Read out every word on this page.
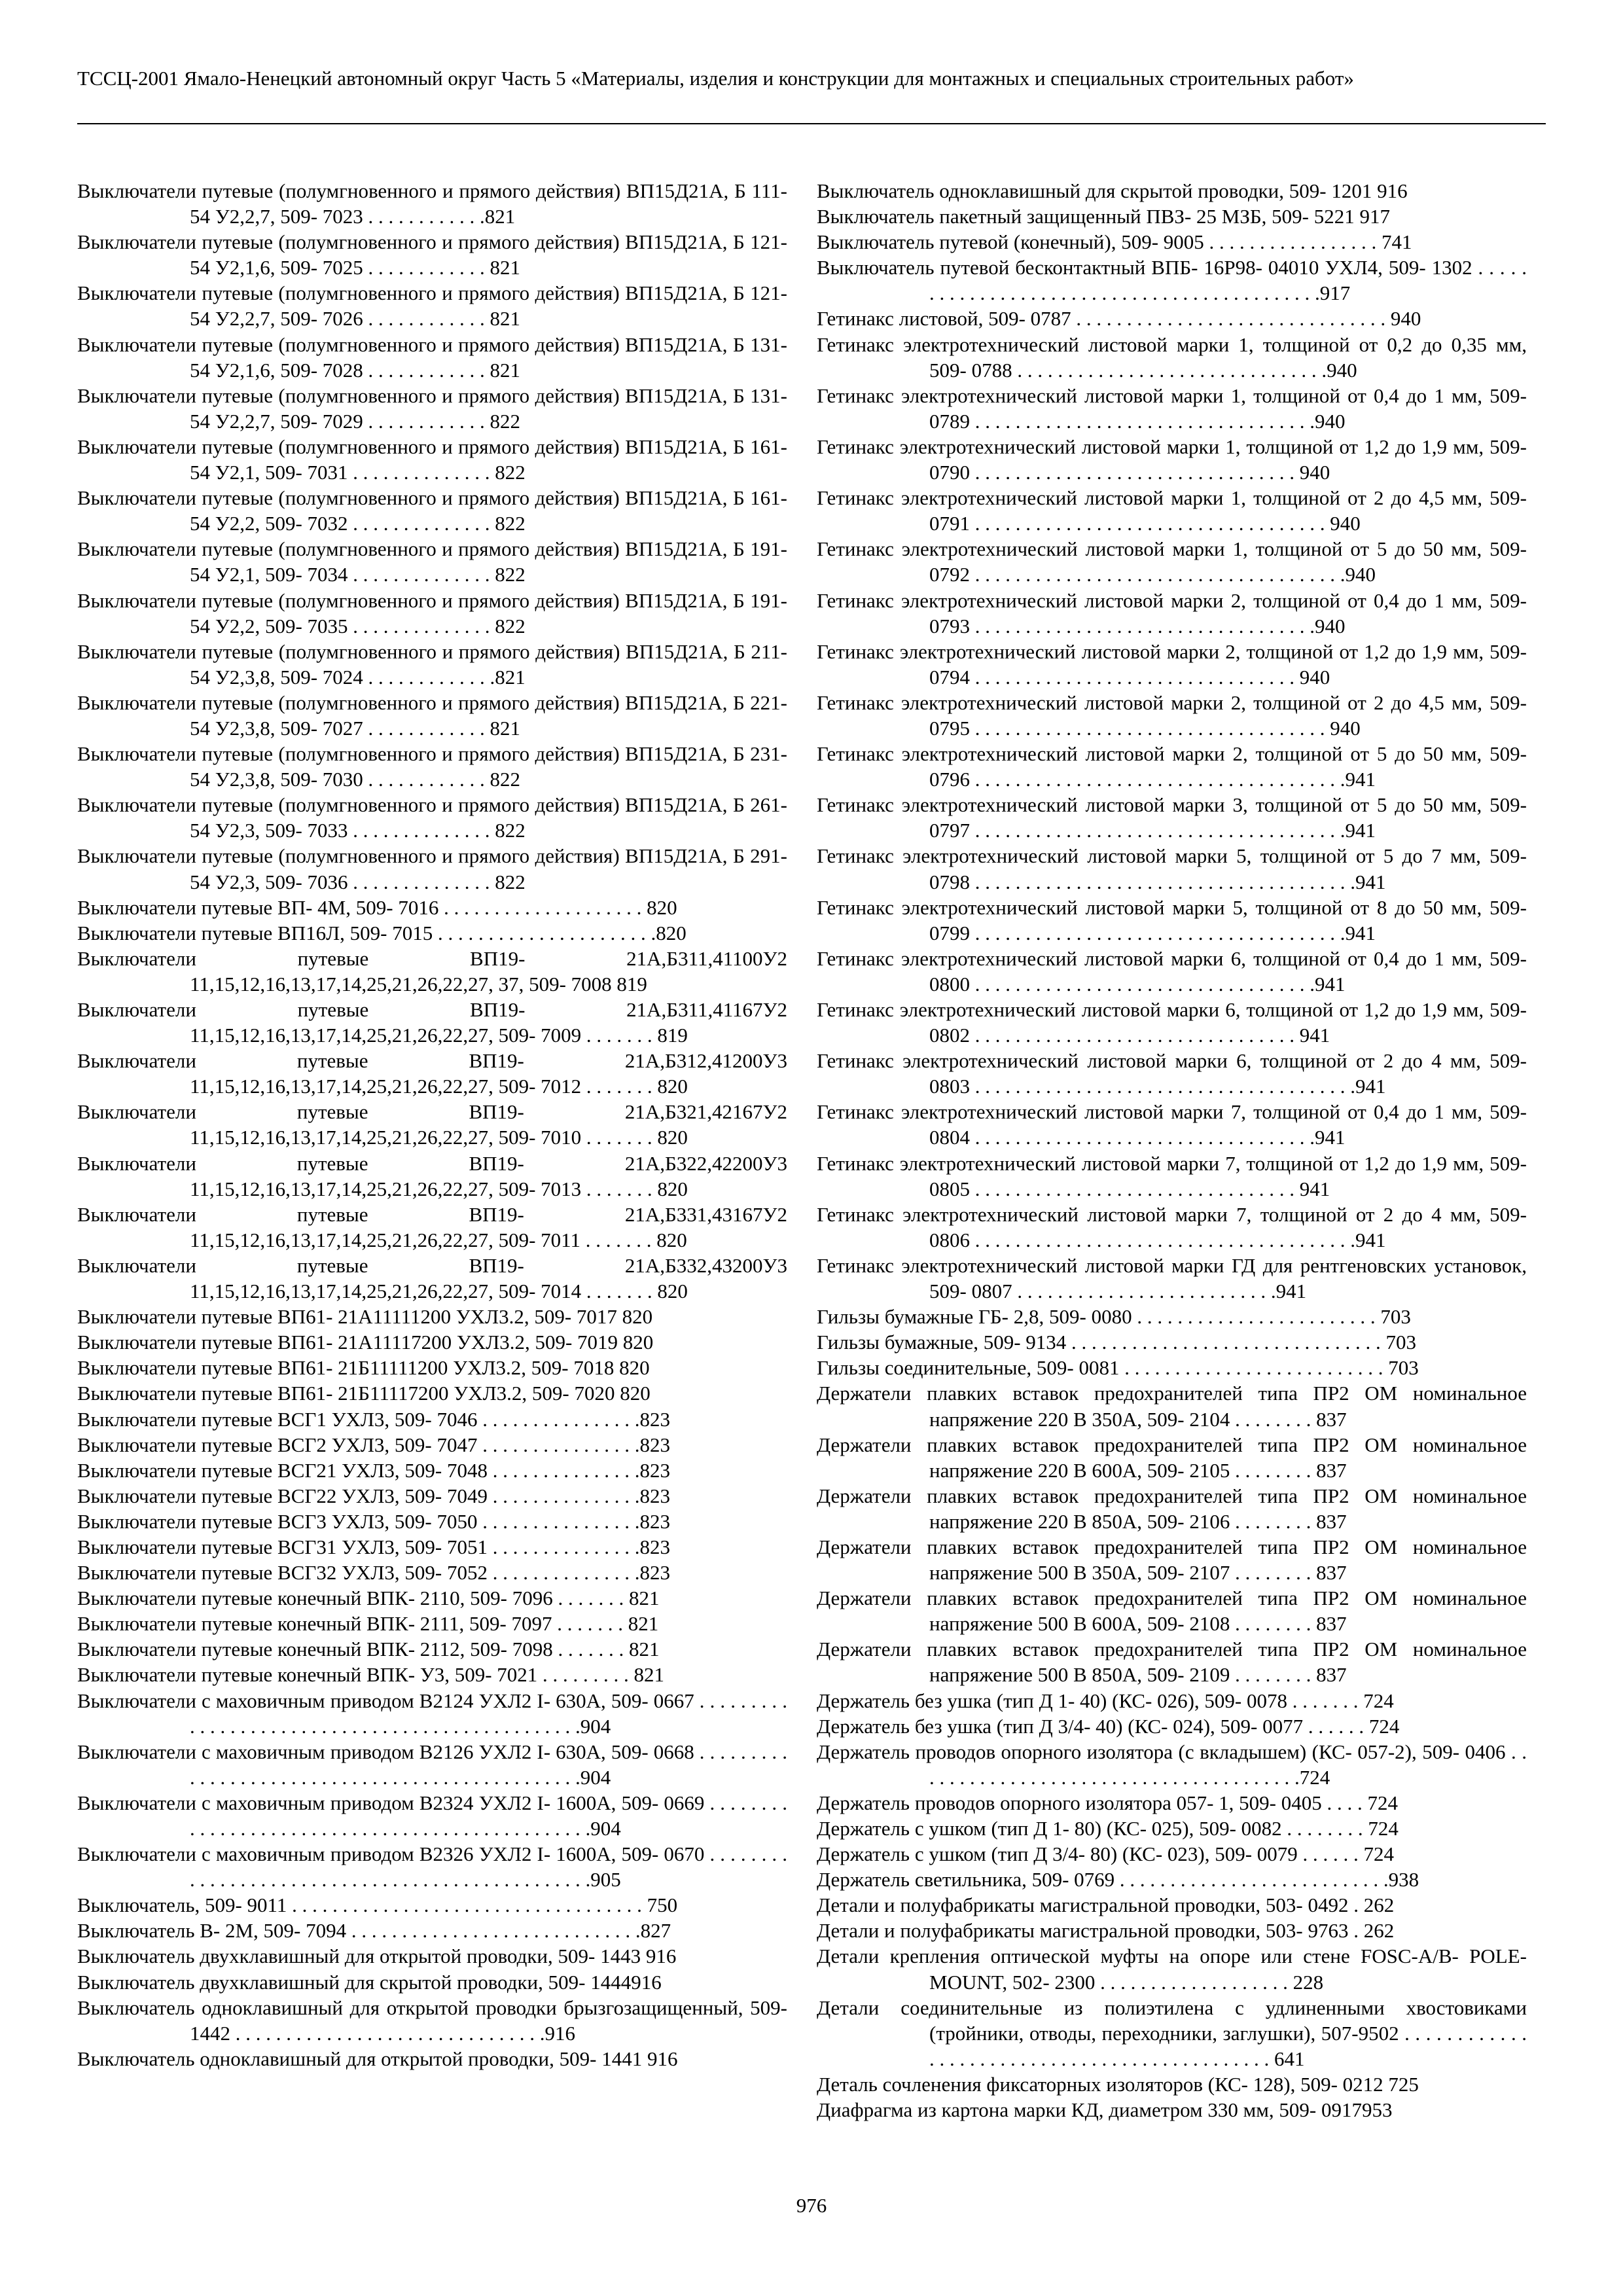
ТССЦ-2001 Ямало-Ненецкий автономный округ Часть 5 «Материалы, изделия и конструкции для монтажных и специальных строительных работ»
Выключатели путевые (полумгновенного и прямого действия) ВП15Д21А, Б 111- 54 У2,2,7, 509- 7023 . . . . . . . . . . . .821
Выключатели путевые (полумгновенного и прямого действия) ВП15Д21А, Б 121- 54 У2,1,6, 509- 7025 . . . . . . . . . . . . 821
Выключатели путевые (полумгновенного и прямого действия) ВП15Д21А, Б 121- 54 У2,2,7, 509- 7026 . . . . . . . . . . . . 821
Выключатели путевые (полумгновенного и прямого действия) ВП15Д21А, Б 131- 54 У2,1,6, 509- 7028 . . . . . . . . . . . . 821
Выключатели путевые (полумгновенного и прямого действия) ВП15Д21А, Б 131- 54 У2,2,7, 509- 7029 . . . . . . . . . . . . 822
Выключатели путевые (полумгновенного и прямого действия) ВП15Д21А, Б 161- 54 У2,1, 509- 7031 . . . . . . . . . . . . . . 822
Выключатели путевые (полумгновенного и прямого действия) ВП15Д21А, Б 161- 54 У2,2, 509- 7032 . . . . . . . . . . . . . . 822
Выключатели путевые (полумгновенного и прямого действия) ВП15Д21А, Б 191- 54 У2,1, 509- 7034 . . . . . . . . . . . . . . 822
Выключатели путевые (полумгновенного и прямого действия) ВП15Д21А, Б 191- 54 У2,2, 509- 7035 . . . . . . . . . . . . . . 822
Выключатели путевые (полумгновенного и прямого действия) ВП15Д21А, Б 211- 54 У2,3,8, 509- 7024 . . . . . . . . . . . . .821
Выключатели путевые (полумгновенного и прямого действия) ВП15Д21А, Б 221- 54 У2,3,8, 509- 7027 . . . . . . . . . . . . 821
Выключатели путевые (полумгновенного и прямого действия) ВП15Д21А, Б 231- 54 У2,3,8, 509- 7030 . . . . . . . . . . . . 822
Выключатели путевые (полумгновенного и прямого действия) ВП15Д21А, Б 261- 54 У2,3, 509- 7033 . . . . . . . . . . . . . . 822
Выключатели путевые (полумгновенного и прямого действия) ВП15Д21А, Б 291- 54 У2,3, 509- 7036 . . . . . . . . . . . . . . 822
Выключатели путевые ВП- 4М, 509- 7016 . . . . . . . . . . . . . . . . . . . . 820
Выключатели путевые ВП16Л, 509- 7015 . . . . . . . . . . . . . . . . . . . . . .820
Выключатели путевые ВП19- 21А,Б311,41100У2 11,15,12,16,13,17,14,25,21,26,22,27, 37, 509- 7008 819
Выключатели путевые ВП19- 21А,Б311,41167У2 11,15,12,16,13,17,14,25,21,26,22,27, 509- 7009 . . . . . . . 819
Выключатели путевые ВП19- 21А,Б312,41200У3 11,15,12,16,13,17,14,25,21,26,22,27, 509- 7012 . . . . . . . 820
Выключатели путевые ВП19- 21А,Б321,42167У2 11,15,12,16,13,17,14,25,21,26,22,27, 509- 7010 . . . . . . . 820
Выключатели путевые ВП19- 21А,Б322,42200У3 11,15,12,16,13,17,14,25,21,26,22,27, 509- 7013 . . . . . . . 820
Выключатели путевые ВП19- 21А,Б331,43167У2 11,15,12,16,13,17,14,25,21,26,22,27, 509- 7011 . . . . . . . 820
Выключатели путевые ВП19- 21А,Б332,43200У3 11,15,12,16,13,17,14,25,21,26,22,27, 509- 7014 . . . . . . . 820
Выключатели путевые ВП61- 21А11111200 УХЛ3.2, 509- 7017 820
Выключатели путевые ВП61- 21А11117200 УХЛ3.2, 509- 7019 820
Выключатели путевые ВП61- 21Б11111200 УХЛ3.2, 509- 7018 820
Выключатели путевые ВП61- 21Б11117200 УХЛ3.2, 509- 7020 820
Выключатели путевые ВСГ1 УХЛ3, 509- 7046 . . . . . . . . . . . . . . . .823
Выключатели путевые ВСГ2 УХЛ3, 509- 7047 . . . . . . . . . . . . . . . .823
Выключатели путевые ВСГ21 УХЛ3, 509- 7048 . . . . . . . . . . . . . . .823
Выключатели путевые ВСГ22 УХЛ3, 509- 7049 . . . . . . . . . . . . . . .823
Выключатели путевые ВСГ3 УХЛ3, 509- 7050 . . . . . . . . . . . . . . . .823
Выключатели путевые ВСГ31 УХЛ3, 509- 7051 . . . . . . . . . . . . . . .823
Выключатели путевые ВСГ32 УХЛ3, 509- 7052 . . . . . . . . . . . . . . .823
Выключатели путевые конечный ВПК- 2110, 509- 7096 . . . . . . . 821
Выключатели путевые конечный ВПК- 2111, 509- 7097 . . . . . . . 821
Выключатели путевые конечный ВПК- 2112, 509- 7098 . . . . . . . 821
Выключатели путевые конечный ВПК- У3, 509- 7021 . . . . . . . . . 821
Выключатели с маховичным приводом В2124 УХЛ2 I- 630А, 509- 0667 . . . . . . . . . . . . . . . . . . . . . . . . . . . . . . . . . . . . . . . . . . . . . . . .904
Выключатели с маховичным приводом В2126 УХЛ2 I- 630А, 509- 0668 . . . . . . . . . . . . . . . . . . . . . . . . . . . . . . . . . . . . . . . . . . . . . . . .904
Выключатели с маховичным приводом В2324 УХЛ2 I- 1600А, 509- 0669 . . . . . . . . . . . . . . . . . . . . . . . . . . . . . . . . . . . . . . . . . . . . . . . .904
Выключатели с маховичным приводом В2326 УХЛ2 I- 1600А, 509- 0670 . . . . . . . . . . . . . . . . . . . . . . . . . . . . . . . . . . . . . . . . . . . . . . . .905
Выключатель, 509- 9011 . . . . . . . . . . . . . . . . . . . . . . . . . . . . . . . . . . . 750
Выключатель В- 2М, 509- 7094 . . . . . . . . . . . . . . . . . . . . . . . . . . . . .827
Выключатель двухклавишный для открытой проводки, 509- 1443 916
Выключатель двухклавишный для скрытой проводки, 509- 1444916
Выключатель одноклавишный для открытой проводки брызгозащищенный, 509- 1442 . . . . . . . . . . . . . . . . . . . . . . . . . . . . . . .916
Выключатель одноклавишный для открытой проводки, 509- 1441 916
Выключатель одноклавишный для скрытой проводки, 509- 1201 916
Выключатель пакетный защищенный ПВЗ- 25 МЗБ, 509- 5221 917
Выключатель путевой (конечный), 509- 9005 . . . . . . . . . . . . . . . . . 741
Выключатель путевой бесконтактный ВПБ- 16Р98- 04010 УХЛ4, 509- 1302 . . . . . . . . . . . . . . . . . . . . . . . . . . . . . . . . . . . . . . . . . . . .917
Гетинакс листовой, 509- 0787 . . . . . . . . . . . . . . . . . . . . . . . . . . . . . . . 940
Гетинакс электротехнический листовой марки 1, толщиной от 0,2 до 0,35 мм, 509- 0788 . . . . . . . . . . . . . . . . . . . . . . . . . . . . . . .940
Гетинакс электротехнический листовой марки 1, толщиной от 0,4 до 1 мм, 509- 0789 . . . . . . . . . . . . . . . . . . . . . . . . . . . . . . . . . .940
Гетинакс электротехнический листовой марки 1, толщиной от 1,2 до 1,9 мм, 509- 0790 . . . . . . . . . . . . . . . . . . . . . . . . . . . . . . . . 940
Гетинакс электротехнический листовой марки 1, толщиной от 2 до 4,5 мм, 509- 0791 . . . . . . . . . . . . . . . . . . . . . . . . . . . . . . . . . . . 940
Гетинакс электротехнический листовой марки 1, толщиной от 5 до 50 мм, 509- 0792 . . . . . . . . . . . . . . . . . . . . . . . . . . . . . . . . . . . . .940
Гетинакс электротехнический листовой марки 2, толщиной от 0,4 до 1 мм, 509- 0793 . . . . . . . . . . . . . . . . . . . . . . . . . . . . . . . . . .940
Гетинакс электротехнический листовой марки 2, толщиной от 1,2 до 1,9 мм, 509- 0794 . . . . . . . . . . . . . . . . . . . . . . . . . . . . . . . . 940
Гетинакс электротехнический листовой марки 2, толщиной от 2 до 4,5 мм, 509- 0795 . . . . . . . . . . . . . . . . . . . . . . . . . . . . . . . . . . . 940
Гетинакс электротехнический листовой марки 2, толщиной от 5 до 50 мм, 509- 0796 . . . . . . . . . . . . . . . . . . . . . . . . . . . . . . . . . . . . .941
Гетинакс электротехнический листовой марки 3, толщиной от 5 до 50 мм, 509- 0797 . . . . . . . . . . . . . . . . . . . . . . . . . . . . . . . . . . . . .941
Гетинакс электротехнический листовой марки 5, толщиной от 5 до 7 мм, 509- 0798 . . . . . . . . . . . . . . . . . . . . . . . . . . . . . . . . . . . . . .941
Гетинакс электротехнический листовой марки 5, толщиной от 8 до 50 мм, 509- 0799 . . . . . . . . . . . . . . . . . . . . . . . . . . . . . . . . . . . . .941
Гетинакс электротехнический листовой марки 6, толщиной от 0,4 до 1 мм, 509- 0800 . . . . . . . . . . . . . . . . . . . . . . . . . . . . . . . . . .941
Гетинакс электротехнический листовой марки 6, толщиной от 1,2 до 1,9 мм, 509- 0802 . . . . . . . . . . . . . . . . . . . . . . . . . . . . . . . . 941
Гетинакс электротехнический листовой марки 6, толщиной от 2 до 4 мм, 509- 0803 . . . . . . . . . . . . . . . . . . . . . . . . . . . . . . . . . . . . . .941
Гетинакс электротехнический листовой марки 7, толщиной от 0,4 до 1 мм, 509- 0804 . . . . . . . . . . . . . . . . . . . . . . . . . . . . . . . . . .941
Гетинакс электротехнический листовой марки 7, толщиной от 1,2 до 1,9 мм, 509- 0805 . . . . . . . . . . . . . . . . . . . . . . . . . . . . . . . . 941
Гетинакс электротехнический листовой марки 7, толщиной от 2 до 4 мм, 509- 0806 . . . . . . . . . . . . . . . . . . . . . . . . . . . . . . . . . . . . . .941
Гетинакс электротехнический листовой марки ГД для рентгеновских установок, 509- 0807 . . . . . . . . . . . . . . . . . . . . . . . . . .941
Гильзы бумажные ГБ- 2,8, 509- 0080 . . . . . . . . . . . . . . . . . . . . . . . . 703
Гильзы бумажные, 509- 9134 . . . . . . . . . . . . . . . . . . . . . . . . . . . . . . . 703
Гильзы соединительные, 509- 0081 . . . . . . . . . . . . . . . . . . . . . . . . . . 703
Держатели плавких вставок предохранителей типа ПР2 ОМ номинальное напряжение 220 В 350А, 509- 2104 . . . . . . . . 837
Держатели плавких вставок предохранителей типа ПР2 ОМ номинальное напряжение 220 В 600А, 509- 2105 . . . . . . . . 837
Держатели плавких вставок предохранителей типа ПР2 ОМ номинальное напряжение 220 В 850А, 509- 2106 . . . . . . . . 837
Держатели плавких вставок предохранителей типа ПР2 ОМ номинальное напряжение 500 В 350А, 509- 2107 . . . . . . . . 837
Держатели плавких вставок предохранителей типа ПР2 ОМ номинальное напряжение 500 В 600А, 509- 2108 . . . . . . . . 837
Держатели плавких вставок предохранителей типа ПР2 ОМ номинальное напряжение 500 В 850А, 509- 2109 . . . . . . . . 837
Держатель без ушка (тип Д 1- 40) (КС- 026), 509- 0078 . . . . . . . 724
Держатель без ушка (тип Д 3/4- 40) (КС- 024), 509- 0077 . . . . . . 724
Держатель проводов опорного изолятора (с вкладышем) (КС- 057-2), 509- 0406 . . . . . . . . . . . . . . . . . . . . . . . . . . . . . . . . . . . . . . .724
Держатель проводов опорного изолятора 057- 1, 509- 0405 . . . . 724
Держатель с ушком (тип Д 1- 80) (КС- 025), 509- 0082 . . . . . . . . 724
Держатель с ушком (тип Д 3/4- 80) (КС- 023), 509- 0079 . . . . . . 724
Держатель светильника, 509- 0769 . . . . . . . . . . . . . . . . . . . . . . . . . . .938
Детали и полуфабрикаты магистральной проводки, 503- 0492 . 262
Детали и полуфабрикаты магистральной проводки, 503- 9763 . 262
Детали крепления оптической муфты на опоре или стене FOSC-A/B- POLE- MOUNT, 502- 2300 . . . . . . . . . . . . . . . . . . . 228
Детали соединительные из полиэтилена с удлиненными хвостовиками (тройники, отводы, переходники, заглушки), 507-9502 . . . . . . . . . . . . . . . . . . . . . . . . . . . . . . . . . . . . . . . . . . . . . . 641
Деталь сочленения фиксаторных изоляторов (КС- 128), 509- 0212 725
Диафрагма из картона марки КД, диаметром 330 мм, 509- 0917953
976
